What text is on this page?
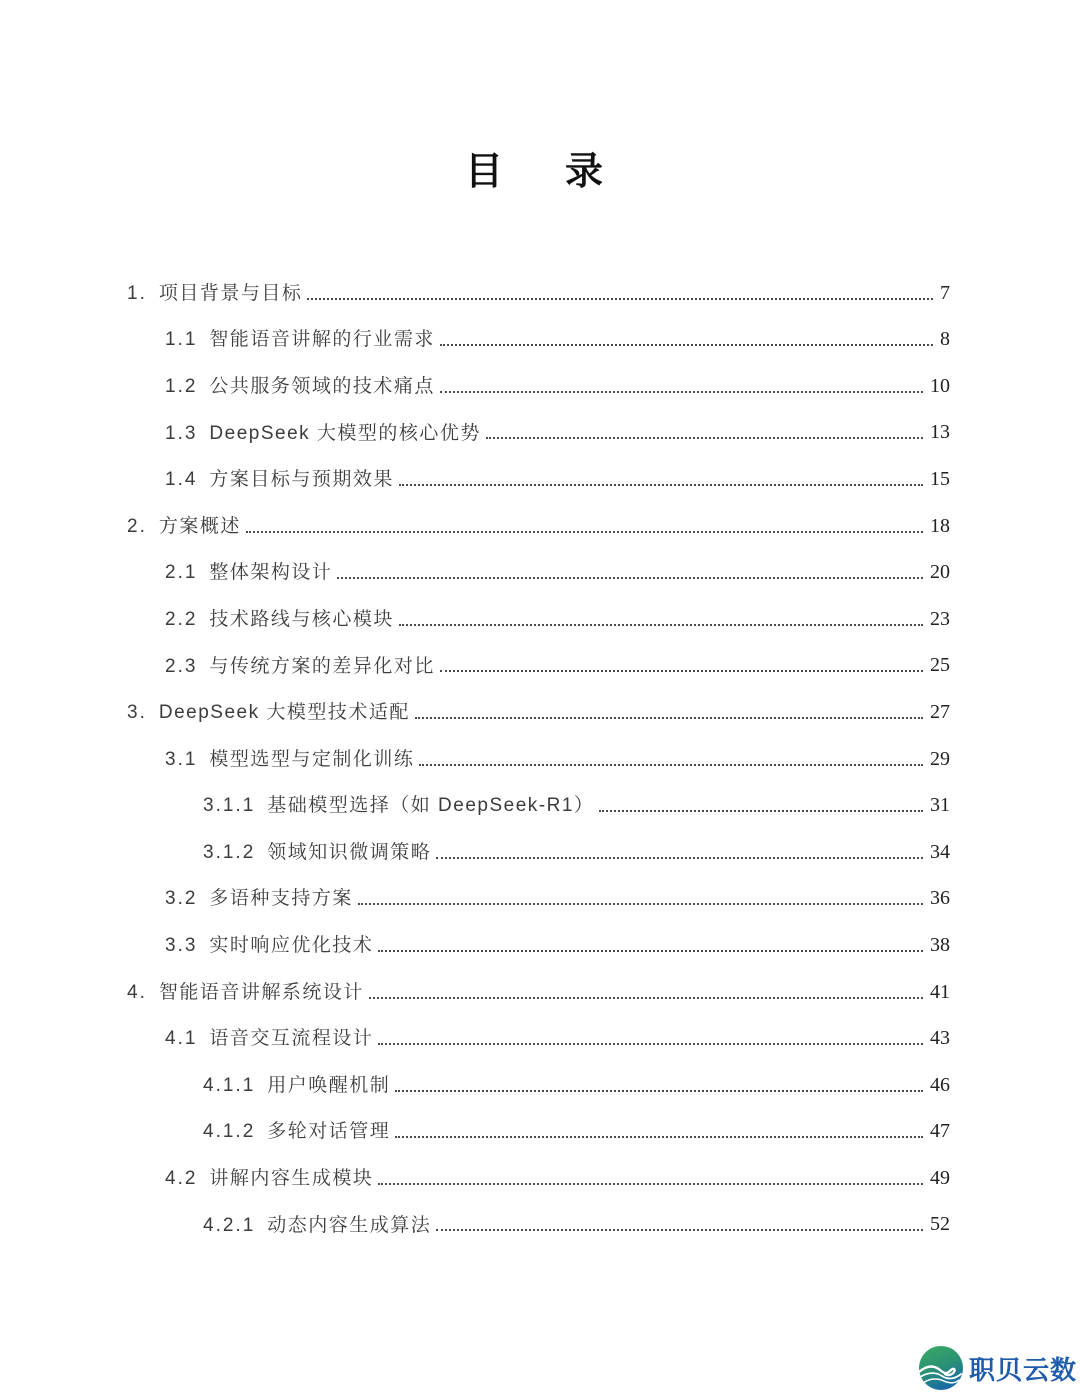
目　录
1. 项目背景与目标	7
1.1 智能语音讲解的行业需求	8
1.2 公共服务领域的技术痛点	10
1.3 DeepSeek 大模型的核心优势	13
1.4 方案目标与预期效果	15
2. 方案概述	18
2.1 整体架构设计	20
2.2 技术路线与核心模块	23
2.3 与传统方案的差异化对比	25
3. DeepSeek 大模型技术适配	27
3.1 模型选型与定制化训练	29
3.1.1 基础模型选择（如 DeepSeek-R1）	31
3.1.2 领域知识微调策略	34
3.2 多语种支持方案	36
3.3 实时响应优化技术	38
4. 智能语音讲解系统设计	41
4.1 语音交互流程设计	43
4.1.1 用户唤醒机制	46
4.1.2 多轮对话管理	47
4.2 讲解内容生成模块	49
4.2.1 动态内容生成算法	52
职贝云数
